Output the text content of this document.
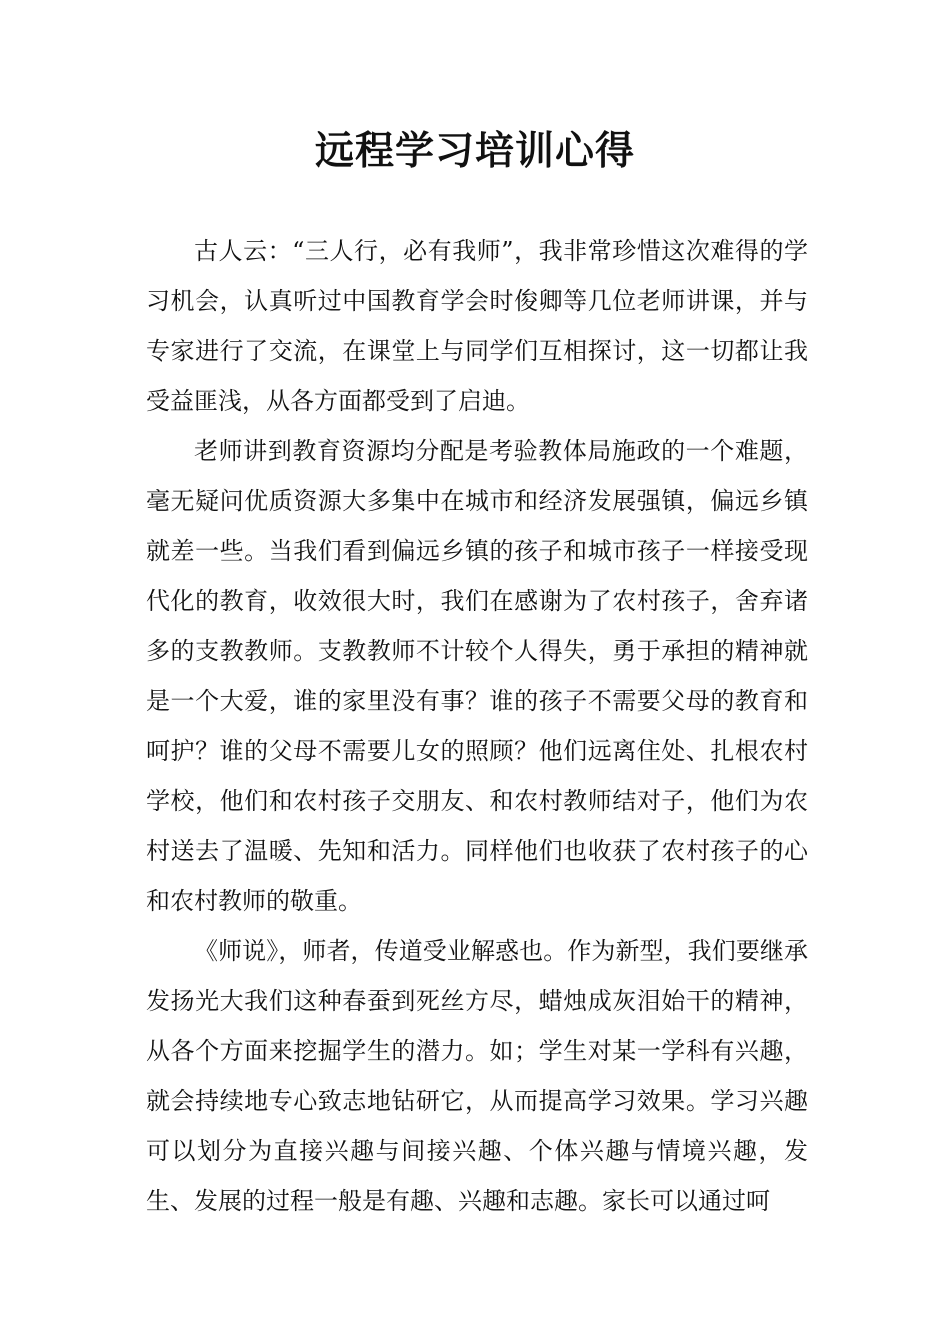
远程学习培训心得

古人云：“三人行，必有我师”，我非常珍惜这次难得的学习机会，认真听过中国教育学会时俊卿等几位老师讲课，并与专家进行了交流，在课堂上与同学们互相探讨，这一切都让我受益匪浅，从各方面都受到了启迪。

老师讲到教育资源均分配是考验教体局施政的一个难题，毫无疑问优质资源大多集中在城市和经济发展强镇，偏远乡镇就差一些。当我们看到偏远乡镇的孩子和城市孩子一样接受现代化的教育，收效很大时，我们在感谢为了农村孩子，舍弃诸多的支教教师。支教教师不计较个人得失，勇于承担的精神就是一个大爱，谁的家里没有事？谁的孩子不需要父母的教育和呵护？谁的父母不需要儿女的照顾？他们远离住处、扎根农村学校，他们和农村孩子交朋友、和农村教师结对子，他们为农村送去了温暖、先知和活力。同样他们也收获了农村孩子的心和农村教师的敬重。

《师说》，师者，传道受业解惑也。作为新型，我们要继承发扬光大我们这种春蚕到死丝方尽，蜡烛成灰泪始干的精神，从各个方面来挖掘学生的潜力。如；学生对某一学科有兴趣，就会持续地专心致志地钻研它，从而提高学习效果。学习兴趣可以划分为直接兴趣与间接兴趣、个体兴趣与情境兴趣，发生、发展的过程一般是有趣、兴趣和志趣。家长可以通过呵
